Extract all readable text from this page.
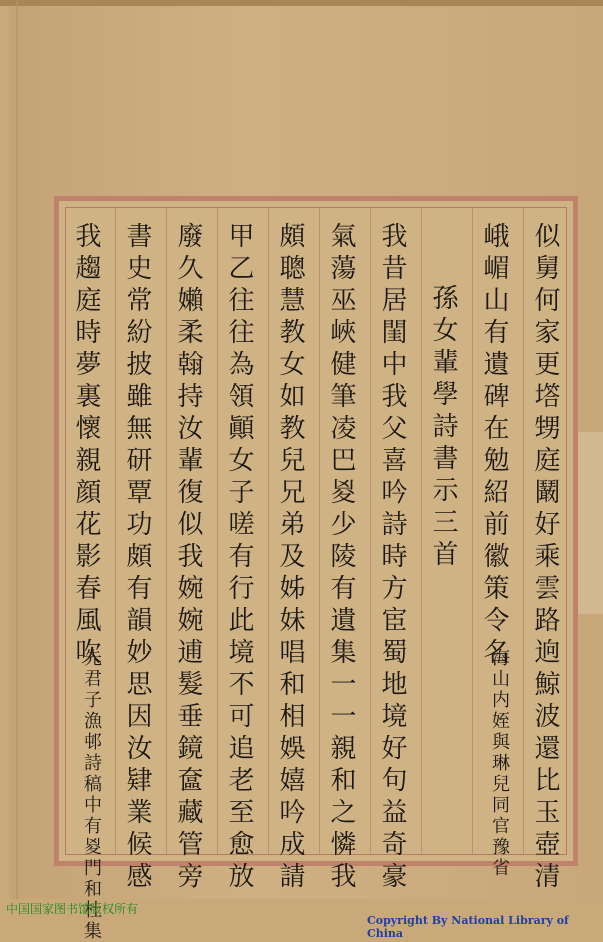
似舅何家更㙮甥庭鬫好乘雲路逈鯨波還比玉壺清
峨嵋山有遺碑在勉紹前徽策令名
海山内姪與琳兒同官豫省
孫女輩學詩書示三首
我昔居閨中我父喜吟詩時方宦蜀地境好句益奇豪
氣蕩巫峽健筆凌巴㚇少陵有遺集一一親和之憐我
頗聰慧教女如教兒兄弟及姊妹唱和相娛嬉吟成請
甲乙往往為領顚女子嗟有行此境不可追老至愈放
廢久嬾柔翰持汝輩復似我婉婉逋髮垂鏡奩藏管旁
書史常紛披雖無研覃功頗有韻妙思因汝肄業候感
我趨庭時夢裏懷親顔花影春風吹
先君子漁邨詩稿中有㚇門和杜集
中国国家图书馆版权所有
Copyright By National Library of China
